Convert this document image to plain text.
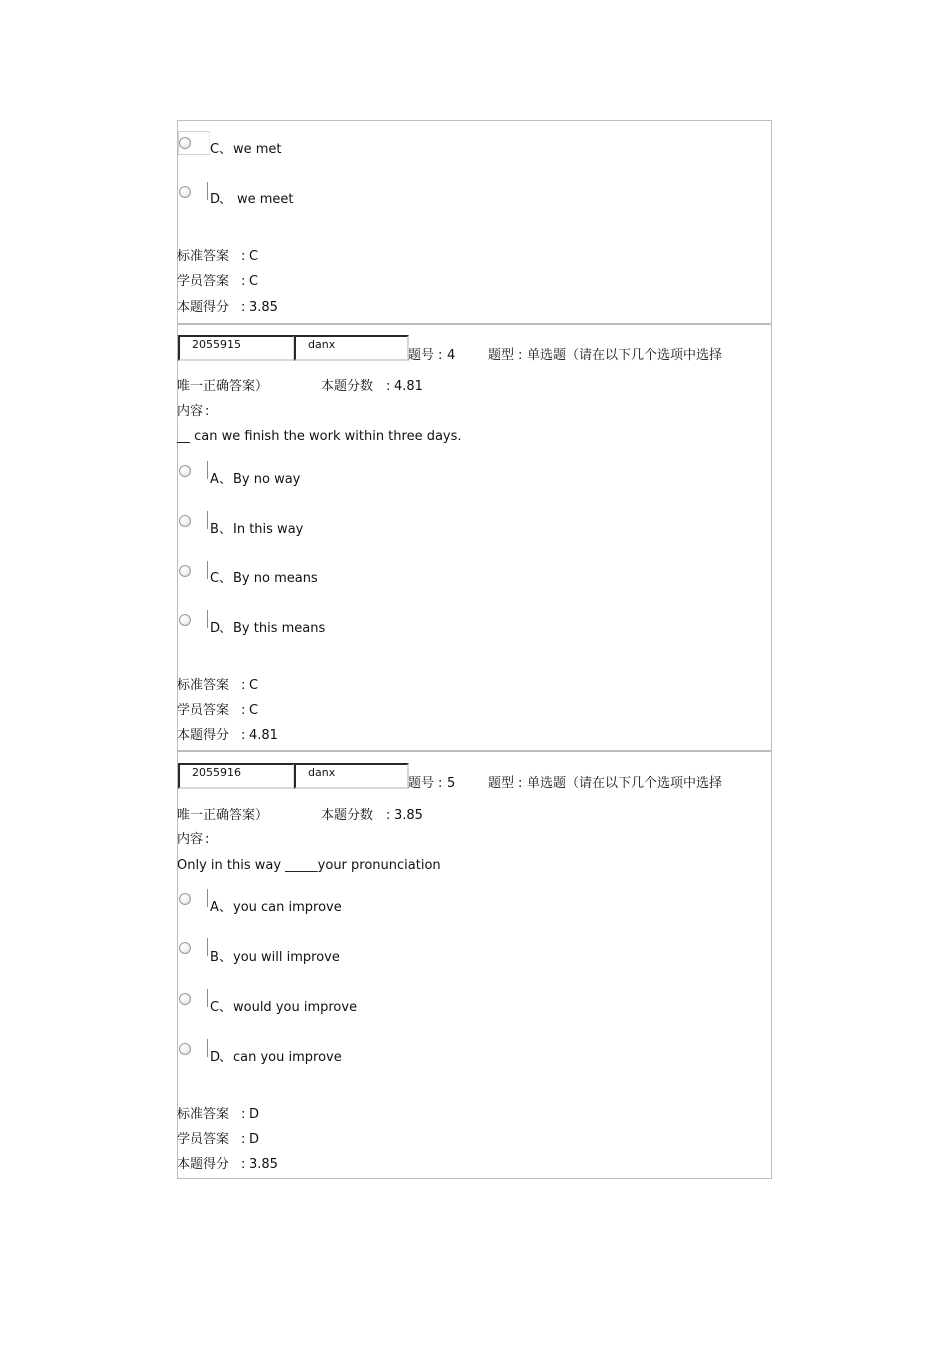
C 、 we met
D
、 we meet
标准答案 : C
学员答案 : C
本题得分 : 3.85
2055915	danx
题号 : 4	题型 : 单选题（请在以下几个选项中选择
唯一正确答案）	本题分数 : 4.81
内容 :
__ can we finish the work within three days.
A 、 By no way
B 、 In this way
C 、 By no means
D
、 By this means
标准答案 : C
学员答案 : C
本题得分 : 4.81
2055916	danx
题号 : 5	题型 : 单选题（请在以下几个选项中选择
唯一正确答案）	本题分数 : 3.85
内容 :
Only in this way _____your pronunciation
A 、 you can improve
B 、 you will improve
C 、 would you improve
D
、 can you improve
标准答案 : D
学员答案 : D
本题得分 : 3.85
